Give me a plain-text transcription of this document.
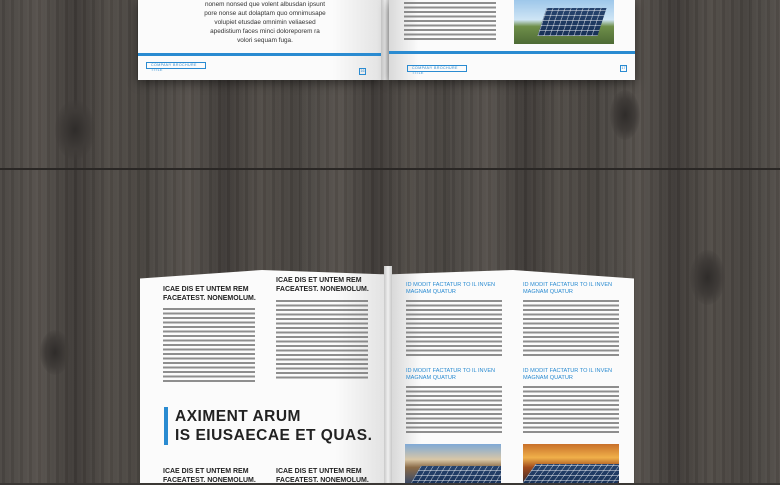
nonem nonsed que volent albusdan ipsunt
pore nonse aut dolaptam quo omnimusape
volupiet etusdae omnimin veliaesed
apedistium faces minci doloreporem ra
volori sequam fuga.
COMPANY BROCHURE TITLE	16
COMPANY BROCHURE TITLE
17
ICAE DIS ET UNTEM REM FACEATEST. NONEMOLUM.
ICAE DIS ET UNTEM REM FACEATEST. NONEMOLUM.
AXIMENT ARUM
IS EIUSAECAE ET QUAS.
ICAE DIS ET UNTEM REM FACEATEST. NONEMOLUM.
ICAE DIS ET UNTEM REM FACEATEST. NONEMOLUM.
ID MODIT FACTATUR TO IL INVEN MAGNAM QUATUR
ID MODIT FACTATUR TO IL INVEN MAGNAM QUATUR
ID MODIT FACTATUR TO IL INVEN MAGNAM QUATUR
ID MODIT FACTATUR TO IL INVEN MAGNAM QUATUR
